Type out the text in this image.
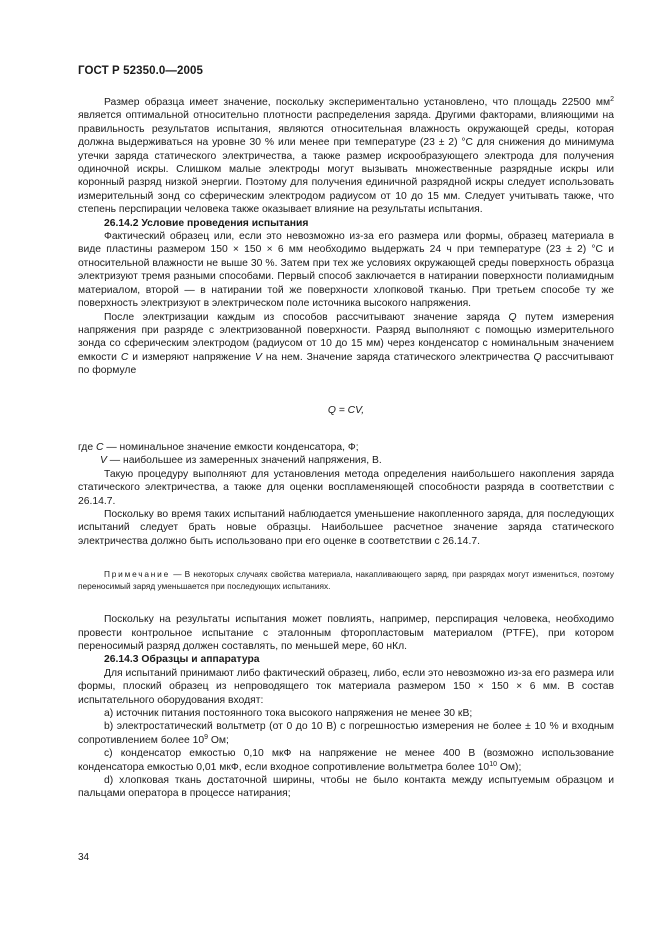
ГОСТ Р 52350.0—2005

Размер образца имеет значение, поскольку экспериментально установлено, что площадь 22500 $мм^2$ является оптимальной относительно плотности распределения заряда. Другими факторами, влияющими на правильность результатов испытания, являются относительная влажность окружающей среды, которая должна выдерживаться на уровне 30 % или менее при температуре (23 ± 2) °С для снижения до минимума утечки заряда статического электричества, а также размер искрообразующего электрода для получения одиночной искры. Слишком малые электроды могут вызывать множественные разрядные искры или коронный разряд низкой энергии. Поэтому для получения единичной разрядной искры следует использовать измерительный зонд со сферическим электродом радиусом от 10 до 15 мм. Следует учитывать также, что степень перспирации человека также оказывает влияние на результаты испытания.

26.14.2 Условие проведения испытания

Фактический образец или, если это невозможно из-за его размера или формы, образец материала в виде пластины размером 150 × 150 × 6 мм необходимо выдержать 24 ч при температуре (23 ± 2) °С и относительной влажности не выше 30 %. Затем при тех же условиях окружающей среды поверхность образца электризуют тремя разными способами. Первый способ заключается в натирании поверхности полиамидным материалом, второй — в натирании той же поверхности хлопковой тканью. При третьем способе ту же поверхность электризуют в электрическом поле источника высокого напряжения.

После электризации каждым из способов рассчитывают значение заряда Q путем измерения напряжения при разряде с электризованной поверхности. Разряд выполняют с помощью измерительного зонда со сферическим электродом (радиусом от 10 до 15 мм) через конденсатор с номинальным значением емкости C и измеряют напряжение V на нем. Значение заряда статического электричества Q рассчитывают по формуле

Q = CV,

где C — номинальное значение емкости конденсатора, Ф;

V — наибольшее из замеренных значений напряжения, В.

Такую процедуру выполняют для установления метода определения наибольшего накопления заряда статического электричества, а также для оценки воспламеняющей способности разряда в соответствии с 26.14.7.

Поскольку во время таких испытаний наблюдается уменьшение накопленного заряда, для последующих испытаний следует брать новые образцы. Наибольшее расчетное значение заряда статического электричества должно быть использовано при его оценке в соответствии с 26.14.7.

Примечание — В некоторых случаях свойства материала, накапливающего заряд, при разрядах могут измениться, поэтому переносимый заряд уменьшается при последующих испытаниях.

Поскольку на результаты испытания может повлиять, например, перспирация человека, необходимо провести контрольное испытание с эталонным фторопластовым материалом (PTFE), при котором переносимый разряд должен составлять, по меньшей мере, 60 нКл.

26.14.3 Образцы и аппаратура

Для испытаний принимают либо фактический образец, либо, если это невозможно из-за его размера или формы, плоский образец из непроводящего ток материала размером 150 × 150 × 6 мм. В состав испытательного оборудования входят:

а) источник питания постоянного тока высокого напряжения не менее 30 кВ;

b) электростатический вольтметр (от 0 до 10 В) с погрешностью измерения не более ± 10 % и входным сопротивлением более $10^9$ Ом;

c) конденсатор емкостью 0,10 мкФ на напряжение не менее 400 В (возможно использование конденсатора емкостью 0,01 мкФ, если входное сопротивление вольтметра более $10^{10}$ Ом);

d) хлопковая ткань достаточной ширины, чтобы не было контакта между испытуемым образцом и пальцами оператора в процессе натирания;

34
